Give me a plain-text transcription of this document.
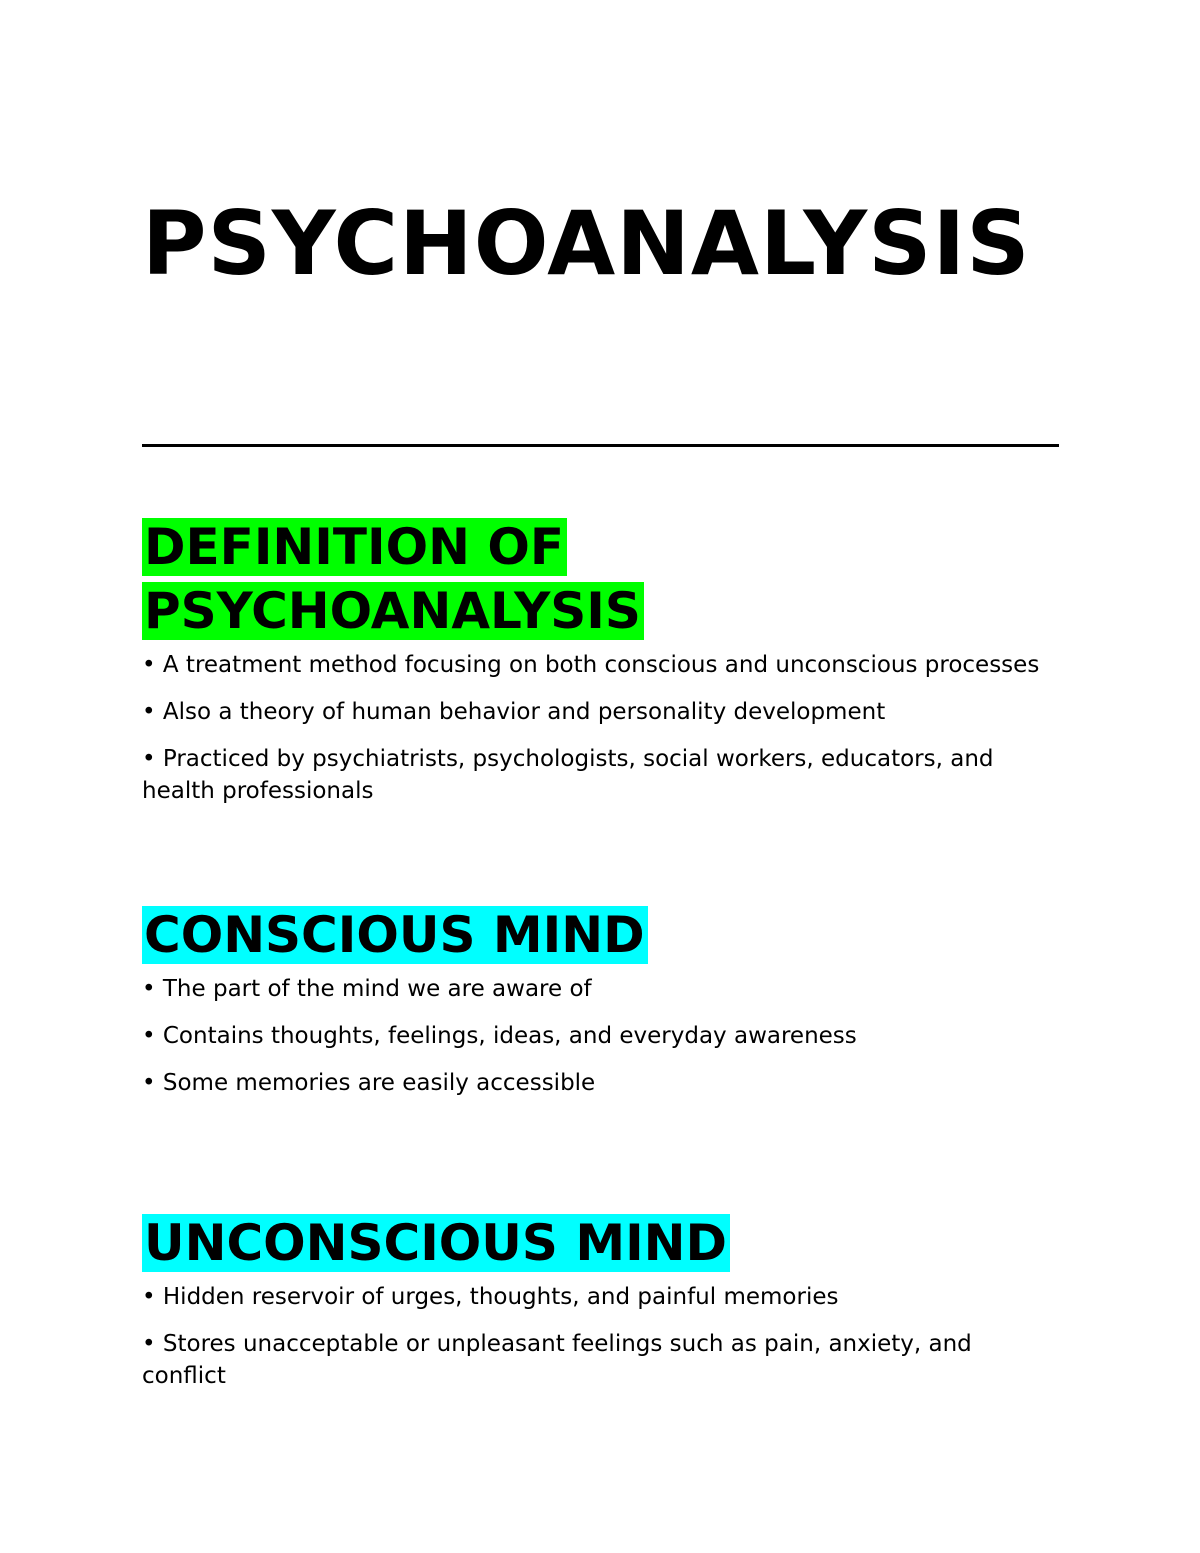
PSYCHOANALYSIS
DEFINITION OF PSYCHOANALYSIS
• A treatment method focusing on both conscious and unconscious processes
• Also a theory of human behavior and personality development
• Practiced by psychiatrists, psychologists, social workers, educators, and health professionals
CONSCIOUS MIND
• The part of the mind we are aware of
• Contains thoughts, feelings, ideas, and everyday awareness
• Some memories are easily accessible
UNCONSCIOUS MIND
• Hidden reservoir of urges, thoughts, and painful memories
• Stores unacceptable or unpleasant feelings such as pain, anxiety, and conflict
